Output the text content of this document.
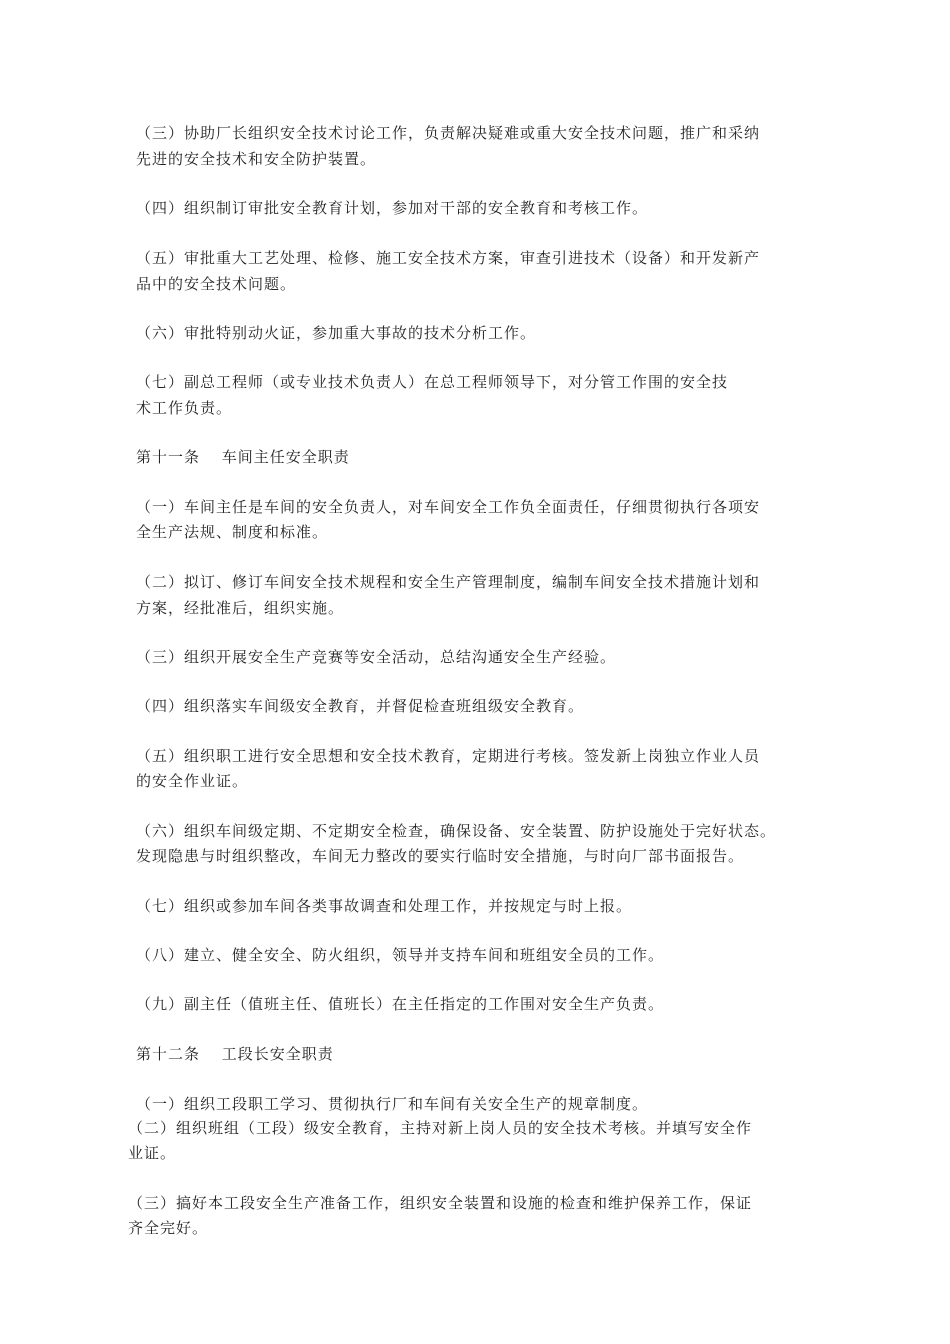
（三）协助厂长组织安全技术讨论工作，负责解决疑难或重大安全技术问题，推广和采纳
先进的安全技术和安全防护装置。
（四）组织制订审批安全教育计划，参加对干部的安全教育和考核工作。
（五）审批重大工艺处理、检修、施工安全技术方案，审查引进技术（设备）和开发新产
品中的安全技术问题。
（六）审批特别动火证，参加重大事故的技术分析工作。
（七）副总工程师（或专业技术负责人）在总工程师领导下，对分管工作围的安全技
术工作负责。
第十一条　 车间主任安全职责
（一）车间主任是车间的安全负责人，对车间安全工作负全面责任，仔细贯彻执行各项安
全生产法规、制度和标准。
（二）拟订、修订车间安全技术规程和安全生产管理制度，编制车间安全技术措施计划和
方案，经批准后，组织实施。
（三）组织开展安全生产竞赛等安全活动，总结沟通安全生产经验。
（四）组织落实车间级安全教育，并督促检查班组级安全教育。
（五）组织职工进行安全思想和安全技术教育，定期进行考核。签发新上岗独立作业人员
的安全作业证。
（六）组织车间级定期、不定期安全检查，确保设备、安全装置、防护设施处于完好状态。
发现隐患与时组织整改，车间无力整改的要实行临时安全措施，与时向厂部书面报告。
（七）组织或参加车间各类事故调查和处理工作，并按规定与时上报。
（八）建立、健全安全、防火组织，领导并支持车间和班组安全员的工作。
（九）副主任（值班主任、值班长）在主任指定的工作围对安全生产负责。
第十二条　 工段长安全职责
（一）组织工段职工学习、贯彻执行厂和车间有关安全生产的规章制度。
（二）组织班组（工段）级安全教育，主持对新上岗人员的安全技术考核。并填写安全作
业证。
（三）搞好本工段安全生产准备工作，组织安全装置和设施的检查和维护保养工作，保证
齐全完好。
